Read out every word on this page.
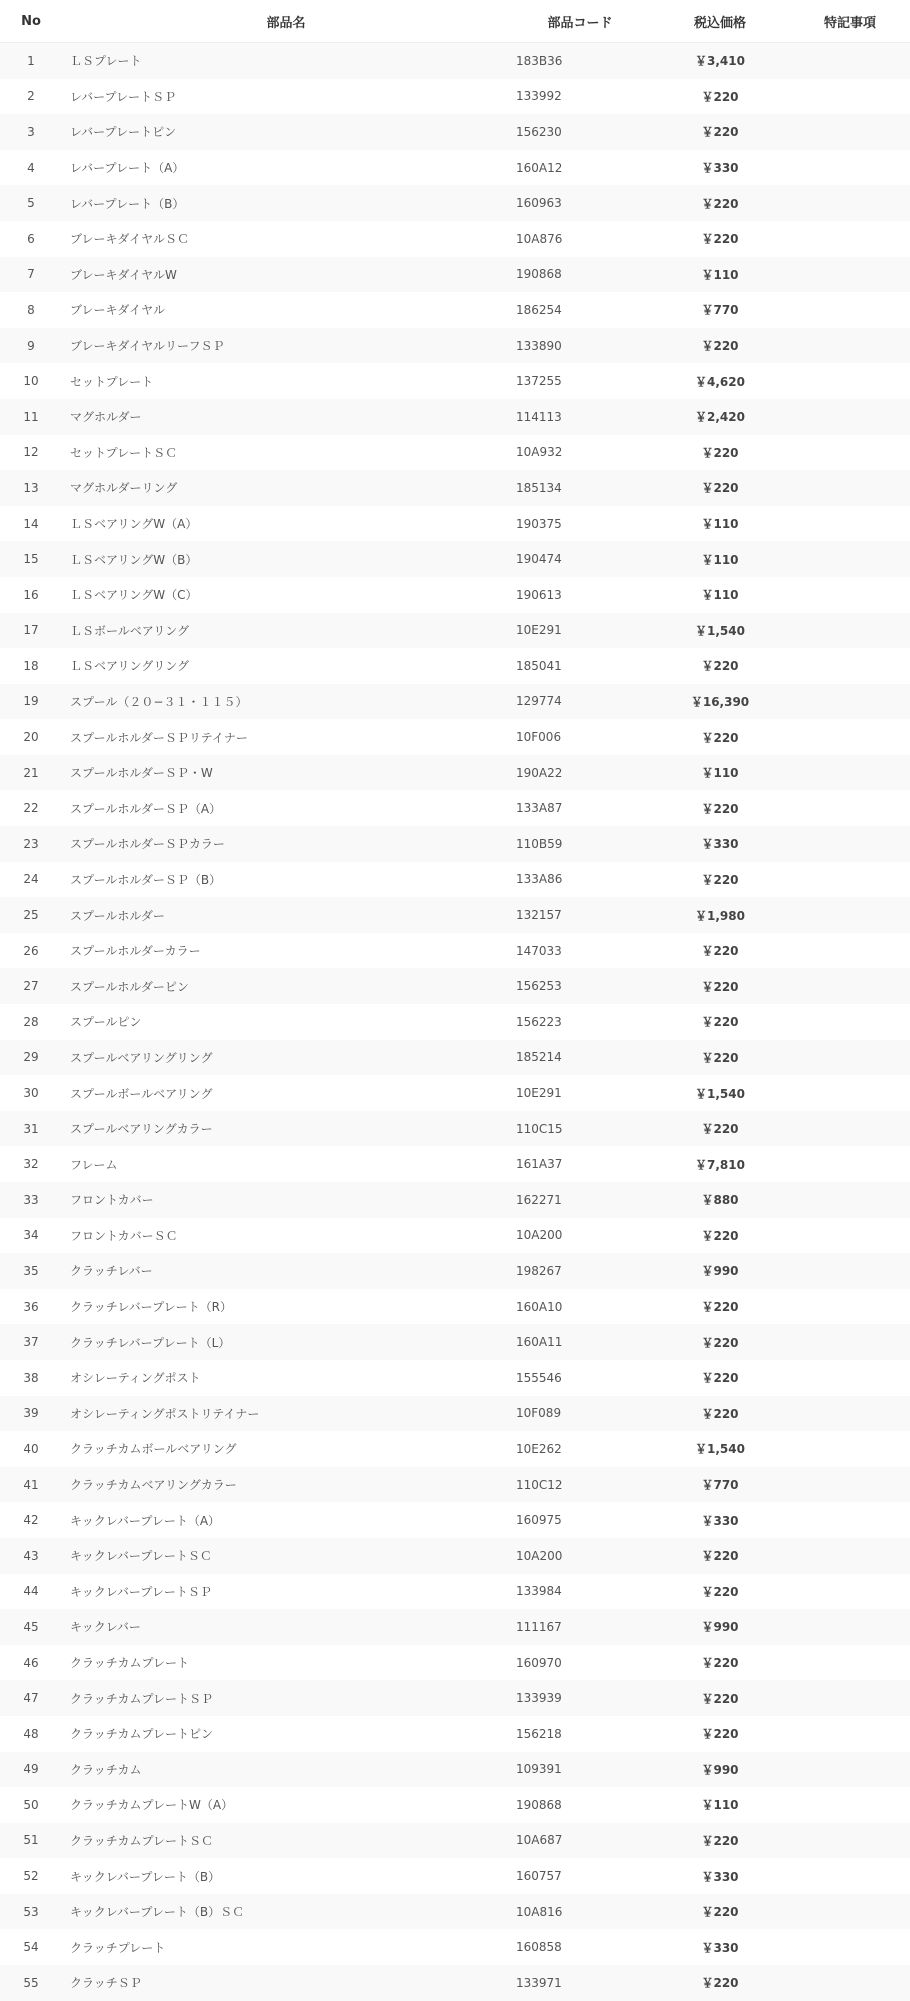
No	部品名	部品コード	税込価格	特記事項
1	ＬＳプレート	183B36	￥3,410	
2	レバープレートＳＰ	133992	￥220	
3	レバープレートピン	156230	￥220	
4	レバープレート（A）	160A12	￥330	
5	レバープレート（B）	160963	￥220	
6	ブレーキダイヤルＳＣ	10A876	￥220	
7	ブレーキダイヤルW	190868	￥110	
8	ブレーキダイヤル	186254	￥770	
9	ブレーキダイヤルリーフＳＰ	133890	￥220	
10	セットプレート	137255	￥4,620	
11	マグホルダー	114113	￥2,420	
12	セットプレートＳＣ	10A932	￥220	
13	マグホルダーリング	185134	￥220	
14	ＬＳベアリングW（A）	190375	￥110	
15	ＬＳベアリングW（B）	190474	￥110	
16	ＬＳベアリングW（C）	190613	￥110	
17	ＬＳボールベアリング	10E291	￥1,540	
18	ＬＳベアリングリング	185041	￥220	
19	スプール（２０−３１・１１５）	129774	￥16,390	
20	スプールホルダーＳＰリテイナー	10F006	￥220	
21	スプールホルダーＳＰ・W	190A22	￥110	
22	スプールホルダーＳＰ（A）	133A87	￥220	
23	スプールホルダーＳＰカラー	110B59	￥330	
24	スプールホルダーＳＰ（B）	133A86	￥220	
25	スプールホルダー	132157	￥1,980	
26	スプールホルダーカラー	147033	￥220	
27	スプールホルダーピン	156253	￥220	
28	スプールピン	156223	￥220	
29	スプールベアリングリング	185214	￥220	
30	スプールボールベアリング	10E291	￥1,540	
31	スプールベアリングカラー	110C15	￥220	
32	フレーム	161A37	￥7,810	
33	フロントカバー	162271	￥880	
34	フロントカバーＳＣ	10A200	￥220	
35	クラッチレバー	198267	￥990	
36	クラッチレバープレート（R）	160A10	￥220	
37	クラッチレバープレート（L）	160A11	￥220	
38	オシレーティングポスト	155546	￥220	
39	オシレーティングポストリテイナー	10F089	￥220	
40	クラッチカムボールベアリング	10E262	￥1,540	
41	クラッチカムベアリングカラー	110C12	￥770	
42	キックレバープレート（A）	160975	￥330	
43	キックレバープレートＳＣ	10A200	￥220	
44	キックレバープレートＳＰ	133984	￥220	
45	キックレバー	111167	￥990	
46	クラッチカムプレート	160970	￥220	
47	クラッチカムプレートＳＰ	133939	￥220	
48	クラッチカムプレートピン	156218	￥220	
49	クラッチカム	109391	￥990	
50	クラッチカムプレートW（A）	190868	￥110	
51	クラッチカムプレートＳＣ	10A687	￥220	
52	キックレバープレート（B）	160757	￥330	
53	キックレバープレート（B）ＳＣ	10A816	￥220	
54	クラッチプレート	160858	￥330	
55	クラッチＳＰ	133971	￥220	
